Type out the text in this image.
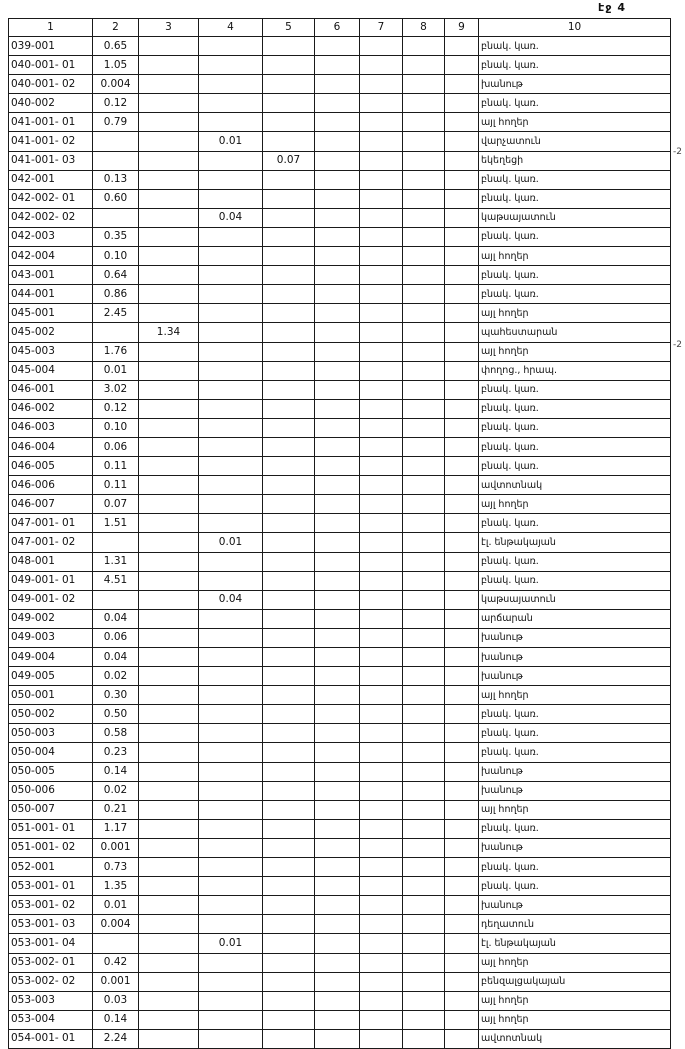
էջ 4
-2
-2
1	2	3	4	5	6	7	8	9	10
039-001	0.65								բնակ. կառ.
040-001- 01	1.05								բնակ. կառ.
040-001- 02	0.004								խանութ
040-002	0.12								բնակ. կառ.
041-001- 01	0.79								այլ հողեր
041-001- 02			0.01						վարչատուն
041-001- 03				0.07					եկեղեցի
042-001	0.13								բնակ. կառ.
042-002- 01	0.60								բնակ. կառ.
042-002- 02			0.04						կաթսայատուն
042-003	0.35								բնակ. կառ.
042-004	0.10								այլ հողեր
043-001	0.64								բնակ. կառ.
044-001	0.86								բնակ. կառ.
045-001	2.45								այլ հողեր
045-002		1.34							պահեստարան
045-003	1.76								այլ հողեր
045-004	0.01								փողոց., հրապ.
046-001	3.02								բնակ. կառ.
046-002	0.12								բնակ. կառ.
046-003	0.10								բնակ. կառ.
046-004	0.06								բնակ. կառ.
046-005	0.11								բնակ. կառ.
046-006	0.11								ավտոտնակ
046-007	0.07								այլ հողեր
047-001- 01	1.51								բնակ. կառ.
047-001- 02			0.01						էլ. ենթակայան
048-001	1.31								բնակ. կառ.
049-001- 01	4.51								բնակ. կառ.
049-001- 02			0.04						կաթսայատուն
049-002	0.04								արճարան
049-003	0.06								խանութ
049-004	0.04								խանութ
049-005	0.02								խանութ
050-001	0.30								այլ հողեր
050-002	0.50								բնակ. կառ.
050-003	0.58								բնակ. կառ.
050-004	0.23								բնակ. կառ.
050-005	0.14								խանութ
050-006	0.02								խանութ
050-007	0.21								այլ հողեր
051-001- 01	1.17								բնակ. կառ.
051-001- 02	0.001								խանութ
052-001	0.73								բնակ. կառ.
053-001- 01	1.35								բնակ. կառ.
053-001- 02	0.01								խանութ
053-001- 03	0.004								դեղատուն
053-001- 04			0.01						էլ. ենթակայան
053-002- 01	0.42								այլ հողեր
053-002- 02	0.001								բենզալցակայան
053-003	0.03								այլ հողեր
053-004	0.14								այլ հողեր
054-001- 01	2.24								ավտոտնակ
